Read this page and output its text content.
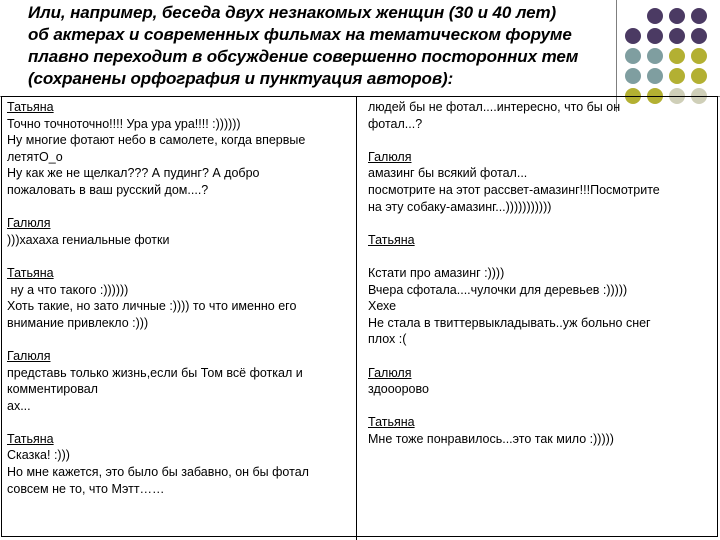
Или, например, беседа двух незнакомых женщин (30 и 40 лет)
об актерах и современных фильмах на тематическом форуме
плавно переходит в обсуждение совершенно посторонних тем
(сохранены орфография и пунктуация авторов):
Татьяна
Точно точноточно!!!! Ура ура ура!!!! :))))))
Ну многие фотают небо в самолете, когда впервые
летятO_o
Ну как же не щелкал??? А пудинг? А добро
пожаловать в ваш русский дом....?
Галюля
)))хахаха гениальные фотки
Татьяна
ну а что такого :))))))
Хоть такие, но зато личные :)))) то что именно его
внимание привлекло :)))
Галюля
представь только жизнь,если бы Том всё фоткал и
комментировал
ах...
Татьяна
Сказка! :)))
Но мне кажется, это было бы забавно, он бы фотал
совсем не то, что Мэтт……
людей бы не фотал....интересно, что бы он
фотал...?
Галюля
амазинг бы всякий фотал...
посмотрите на этот рассвет-амазинг!!!Посмотрите
на эту собаку-амазинг...)))))))))))
Татьяна
Кстати про амазинг :))))
Вчера сфотала....чулочки для деревьев :)))))
Хехе
Не стала в твиттервыкладывать..уж больно снег
плох :(
Галюля
здооорово
Татьяна
Мне тоже понравилось...это так мило :)))))
